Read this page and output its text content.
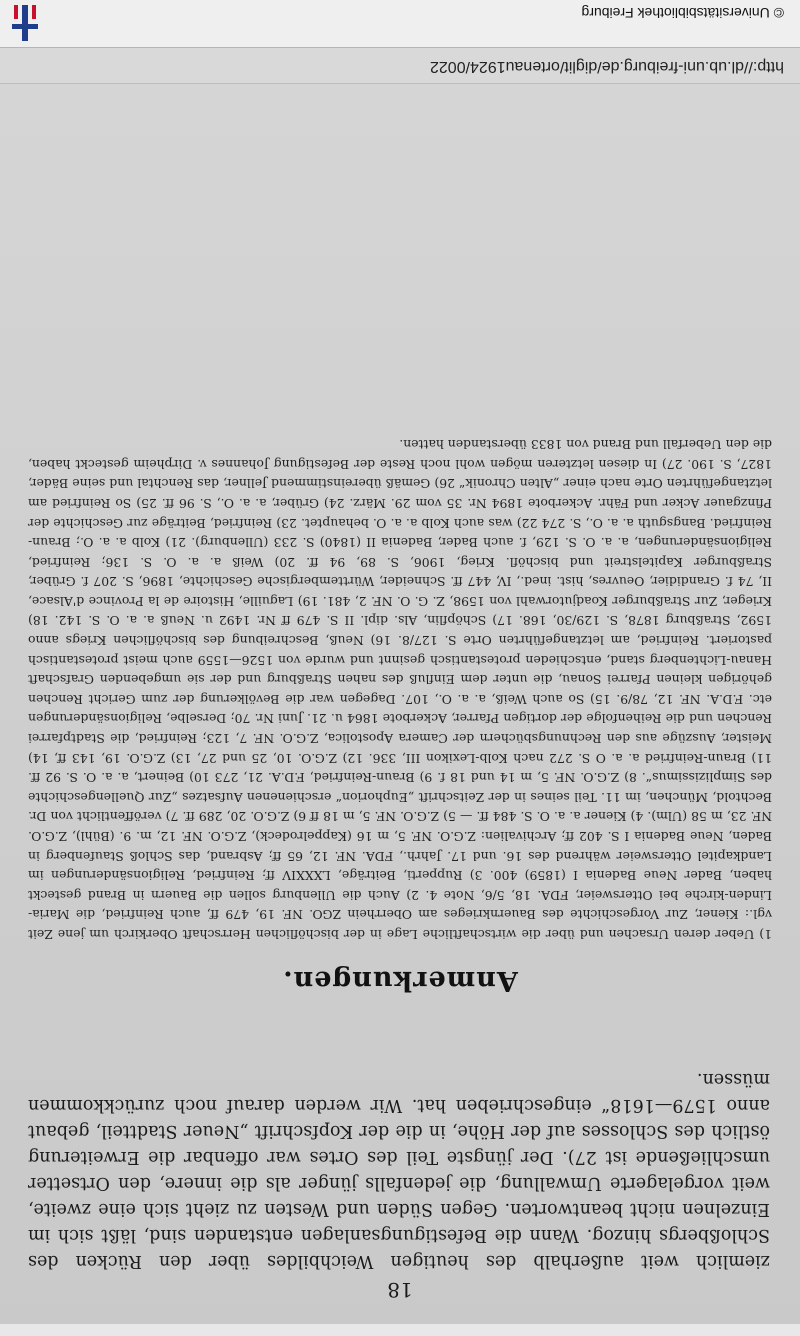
18
ziemlich weit außerhalb des heutigen Weichbildes über den Rücken des Schloßbergs hinzog. Wann die Befestigungsanlagen entstanden sind, läßt sich im Einzelnen nicht beantworten. Gegen Süden und Westen zu zieht sich eine zweite, weit vorgelagerte Umwallung, die jedenfalls jünger als die innere, den Ortsetter umschließende ist 27). Der jüngste Teil des Ortes war offenbar die Erweiterung östlich des Schlosses auf der Höhe, in die der Kopfschrift „Neuer Stadtteil, gebaut anno 1579—1618“ eingeschrieben hat. Wir werden darauf noch zurückkommen müssen.
Anmerkungen.

1) Ueber deren Ursachen und über die wirtschaftliche Lage in der bischöflichen Herrschaft Oberkirch um jene Zeit vgl.: Kiener, Zur Vorgeschichte des Bauernkrieges am Oberrhein ZGO. NF. 19, 479 ff, auch Reinfried, die Maria-Linden-kirche bei Ottersweier, FDA. 18, 5/6, Note 4. 2) Auch die Ullenburg sollen die Bauern in Brand gesteckt haben, Bader Neue Badenia I (1859) 400. 3) Rupperti, Beiträge, LXXXIV ff; Reinfried, Religionsänderungen im Landkapitel Ottersweier während des 16. und 17. Jahrh., FDA. NF. 12, 65 ff; Asbrand, das Schloß Staufenberg in Baden, Neue Badenia I S. 402 ff; Archivalien: Z.G.O. NF. 5, m 16 (Kappelrodeck), Z.G.O. NF. 12, m. 9. (Bühl), Z.G.O. NF. 23, m 58 (Ulm). 4) Kiener a. a. O. S. 484 ff. — 5) Z.G.O. NF. 5, m 18 ff 6) Z.G.O. 20, 289 ff. 7) veröffentlicht von Dr. Bechtold, München, im 11. Teil seines in der Zeitschrift „Euphorion“ erschienenen Aufsatzes „Zur Quellengeschichte des Simplizissimus“. 8) Z.G.O. NF. 5, m 14 und 18 f. 9) Braun-Reinfried, F.D.A. 21, 273 10) Beinert, a. a. O. S. 92 ff. 11) Braun-Reinfried a. a. O S. 272 nach Kolb-Lexikon III, 336. 12) Z.G.O. 10, 25 und 27, 13) Z.G.O. 19, 143 ff, 14) Meister, Auszüge aus den Rechnungsbüchern der Camera Apostolica, Z.G.O. NF. 7, 123; Reinfried, die Stadtpfarrei Renchen und die Reihenfolge der dortigen Pfarrer, Ackerbote 1864 u. 21. Juni Nr. 70; Derselbe, Religionsänderungen etc. F.D.A. NF. 12, 78/9. 15) So auch Weiß, a. a. O., 107. Dagegen war die Bevölkerung der zum Gericht Renchen gehörigen kleinen Pfarrei Sonau, die unter dem Einfluß des nahen Straßburg und der sie umgebenden Grafschaft Hanau-Lichtenberg stand, entschieden protestantisch gesinnt und wurde von 1526—1559 auch meist protestantisch pastoriert. Reinfried, am letztangeführten Orte S. 127/8. 16) Neuß, Beschreibung des bischöflichen Kriegs anno 1592, Straßburg 1878, S. 129/30, 168. 17) Schöpflin, Als. dipl. II S. 479 ff Nr. 1492 u. Neuß a. a. O. S. 142. 18) Krieger, Zur Straßburger Koadjutorwahl von 1598, Z. G. O. NF. 2, 481. 19) Laguille, Histoire de la Province d'Alsace, II, 74 f. Grandidier, Oeuvres, hist. ined., IV, 447 ff. Schneider, Württembergische Geschichte, 1896, S. 207 f. Grüber, Straßburger Kapitelstreit und bischöfl. Krieg, 1906, S. 89, 94 ff. 20) Weiß a. a. O. S. 136; Reinfried, Religionsänderungen, a. a. O. S. 129, f. auch Bader, Badenia II (1840) S. 233 (Ullenburg). 21) Kolb a. a. O.; Braun-Reinfried. Bangsguth a. a. O., S. 274 22) was auch Kolb a. a. O. behauptet. 23) Reinfried, Beiträge zur Geschichte der Pfinzgauer Acker und Fähr. Ackerbote 1894 Nr. 35 vom 29. März. 24) Grüber, a. a. O., S. 96 ff. 25) So Reinfried am letztangeführten Orte nach einer „Alten Chronik“ 26) Gemäß übereinstimmend Jellner, das Renchtal und seine Bäder, 1827, S. 190. 27) In diesen letzteren mögen wohl noch Reste der Befestigung Johannes v. Dirpheim gesteckt haben, die den Ueberfall und Brand von 1833 überstanden hatten.

http://dl.ub.uni-freiburg.de/diglit/ortenau1924/0022
© Universitätsbibliothek Freiburg
